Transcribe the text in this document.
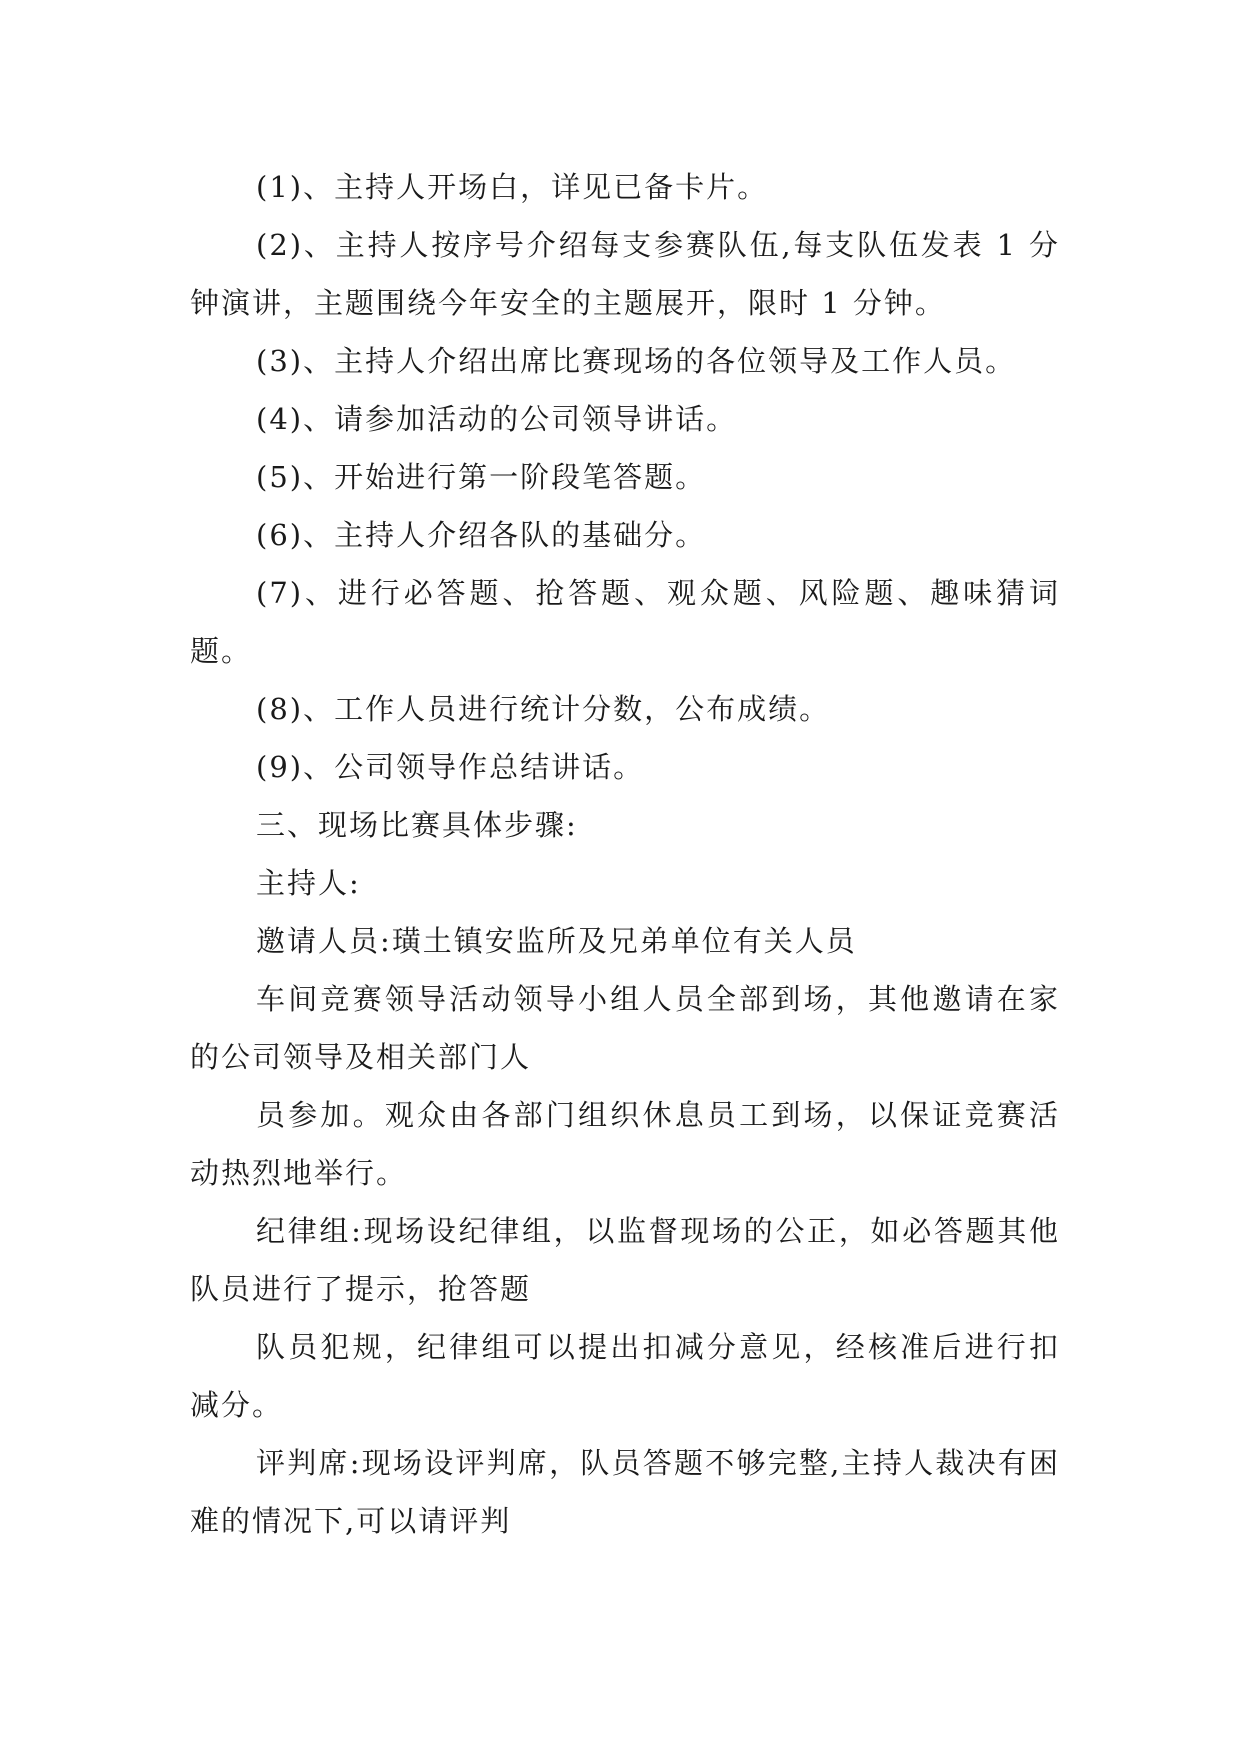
(1)、主持人开场白，详见已备卡片。

(2)、主持人按序号介绍每支参赛队伍,每支队伍发表 1 分钟演讲，主题围绕今年安全的主题展开，限时 1 分钟。

(3)、主持人介绍出席比赛现场的各位领导及工作人员。

(4)、请参加活动的公司领导讲话。

(5)、开始进行第一阶段笔答题。

(6)、主持人介绍各队的基础分。

(7)、进行必答题、抢答题、观众题、风险题、趣味猜词题。

(8)、工作人员进行统计分数，公布成绩。

(9)、公司领导作总结讲话。

三、现场比赛具体步骤:

主持人:

邀请人员:璜土镇安监所及兄弟单位有关人员

车间竞赛领导活动领导小组人员全部到场，其他邀请在家的公司领导及相关部门人

员参加。观众由各部门组织休息员工到场，以保证竞赛活动热烈地举行。

纪律组:现场设纪律组，以监督现场的公正，如必答题其他队员进行了提示，抢答题

队员犯规，纪律组可以提出扣减分意见，经核准后进行扣减分。

评判席:现场设评判席，队员答题不够完整,主持人裁决有困难的情况下,可以请评判
